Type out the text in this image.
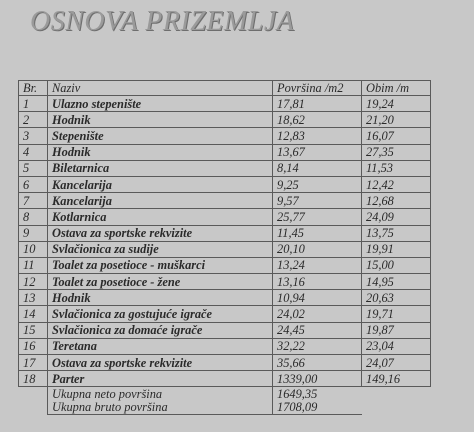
OSNOVA PRIZEMLJA
Br.	Naziv	Površina /m2	Obim /m
1	Ulazno stepenište	17,81	19,24
2	Hodnik	18,62	21,20
3	Stepenište	12,83	16,07
4	Hodnik	13,67	27,35
5	Biletarnica	8,14	11,53
6	Kancelarija	9,25	12,42
7	Kancelarija	9,57	12,68
8	Kotlarnica	25,77	24,09
9	Ostava za sportske rekvizite	11,45	13,75
10	Svlačionica za sudije	20,10	19,91
11	Toalet za posetioce - muškarci	13,24	15,00
12	Toalet za posetioce - žene	13,16	14,95
13	Hodnik	10,94	20,63
14	Svlačionica za gostujuće igrače	24,02	19,71
15	Svlačionica za domaće igrače	24,45	19,87
16	Teretana	32,22	23,04
17	Ostava za sportske rekvizite	35,66	24,07
18	Parter	1339,00	149,16
	Ukupna neto površina	1649,35	
	Ukupna bruto površina	1708,09	
